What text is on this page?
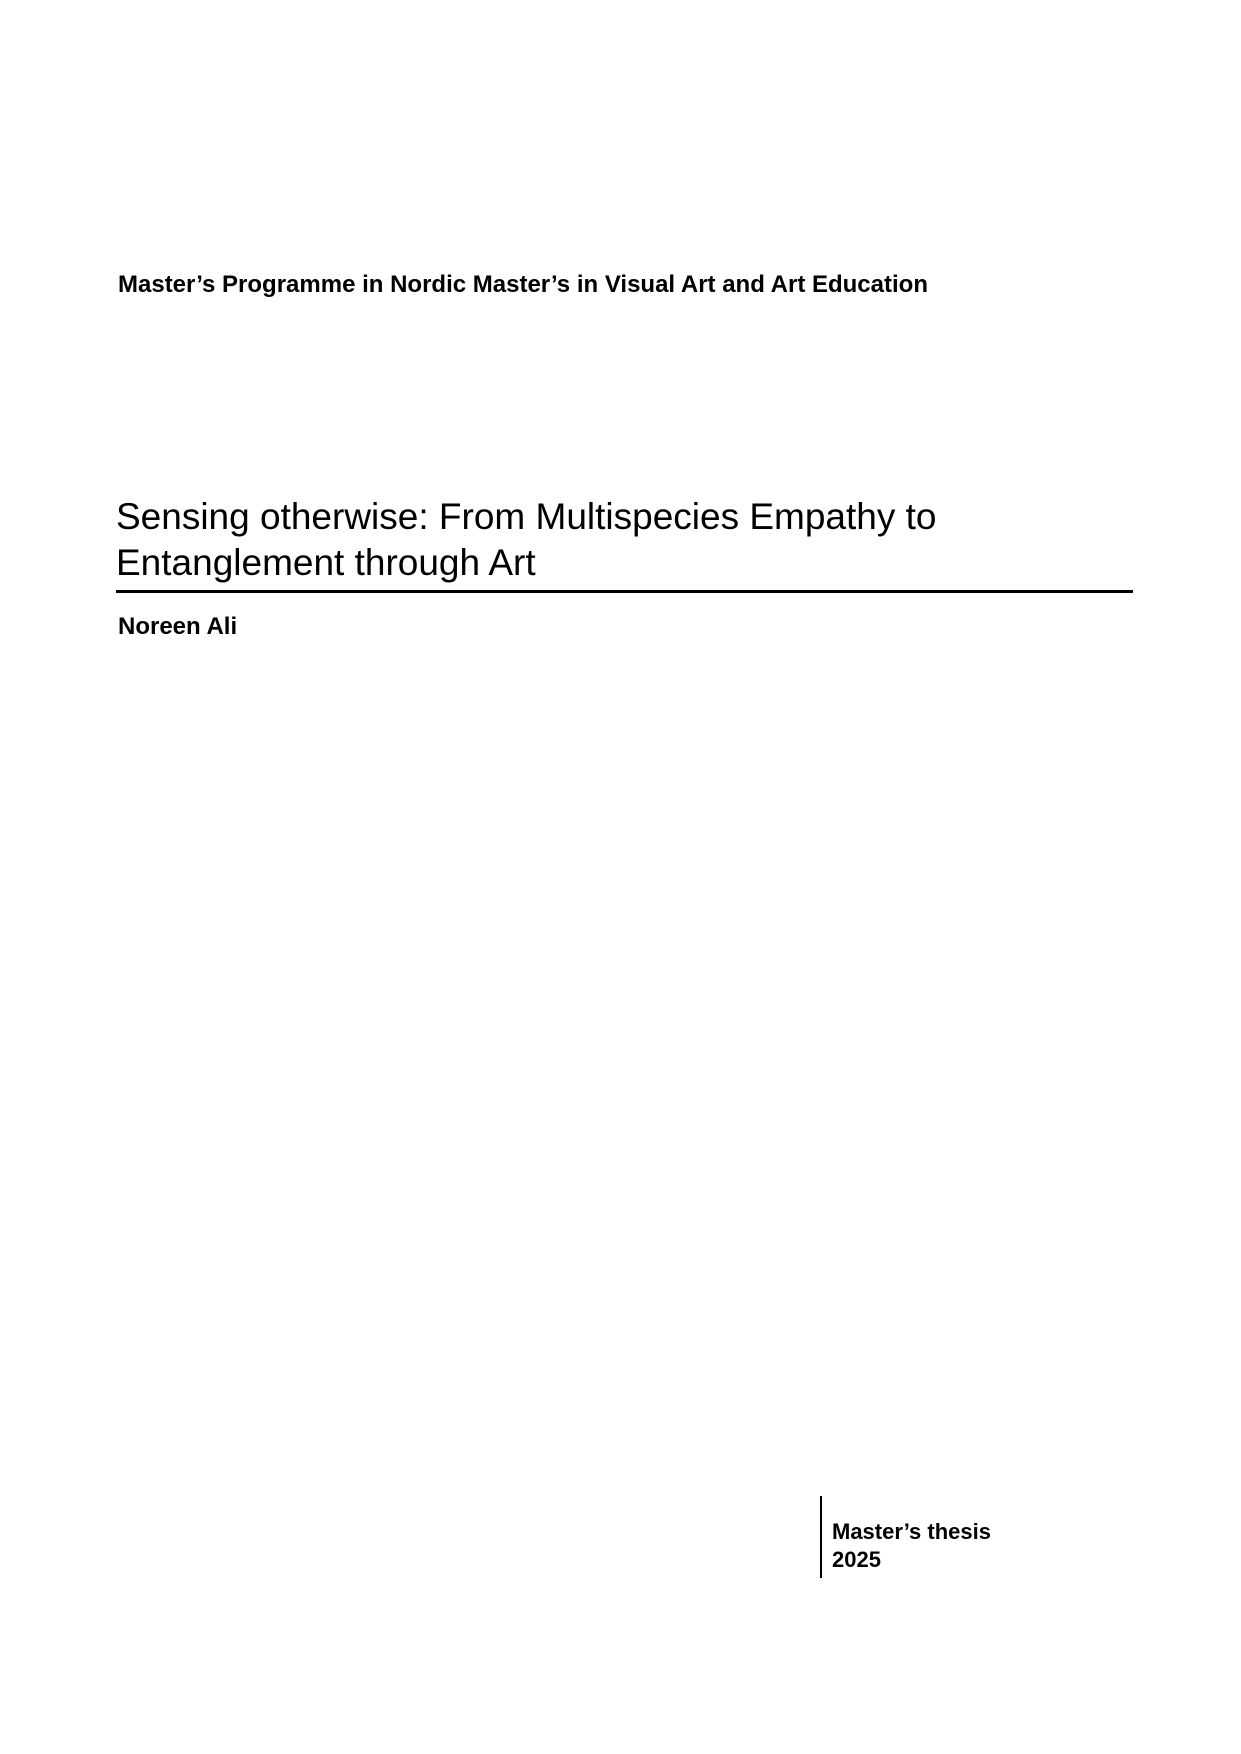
Master’s Programme in Nordic Master’s in Visual Art and Art Education
Sensing otherwise: From Multispecies Empathy to
Entanglement through Art
Noreen Ali
Master’s thesis
2025
